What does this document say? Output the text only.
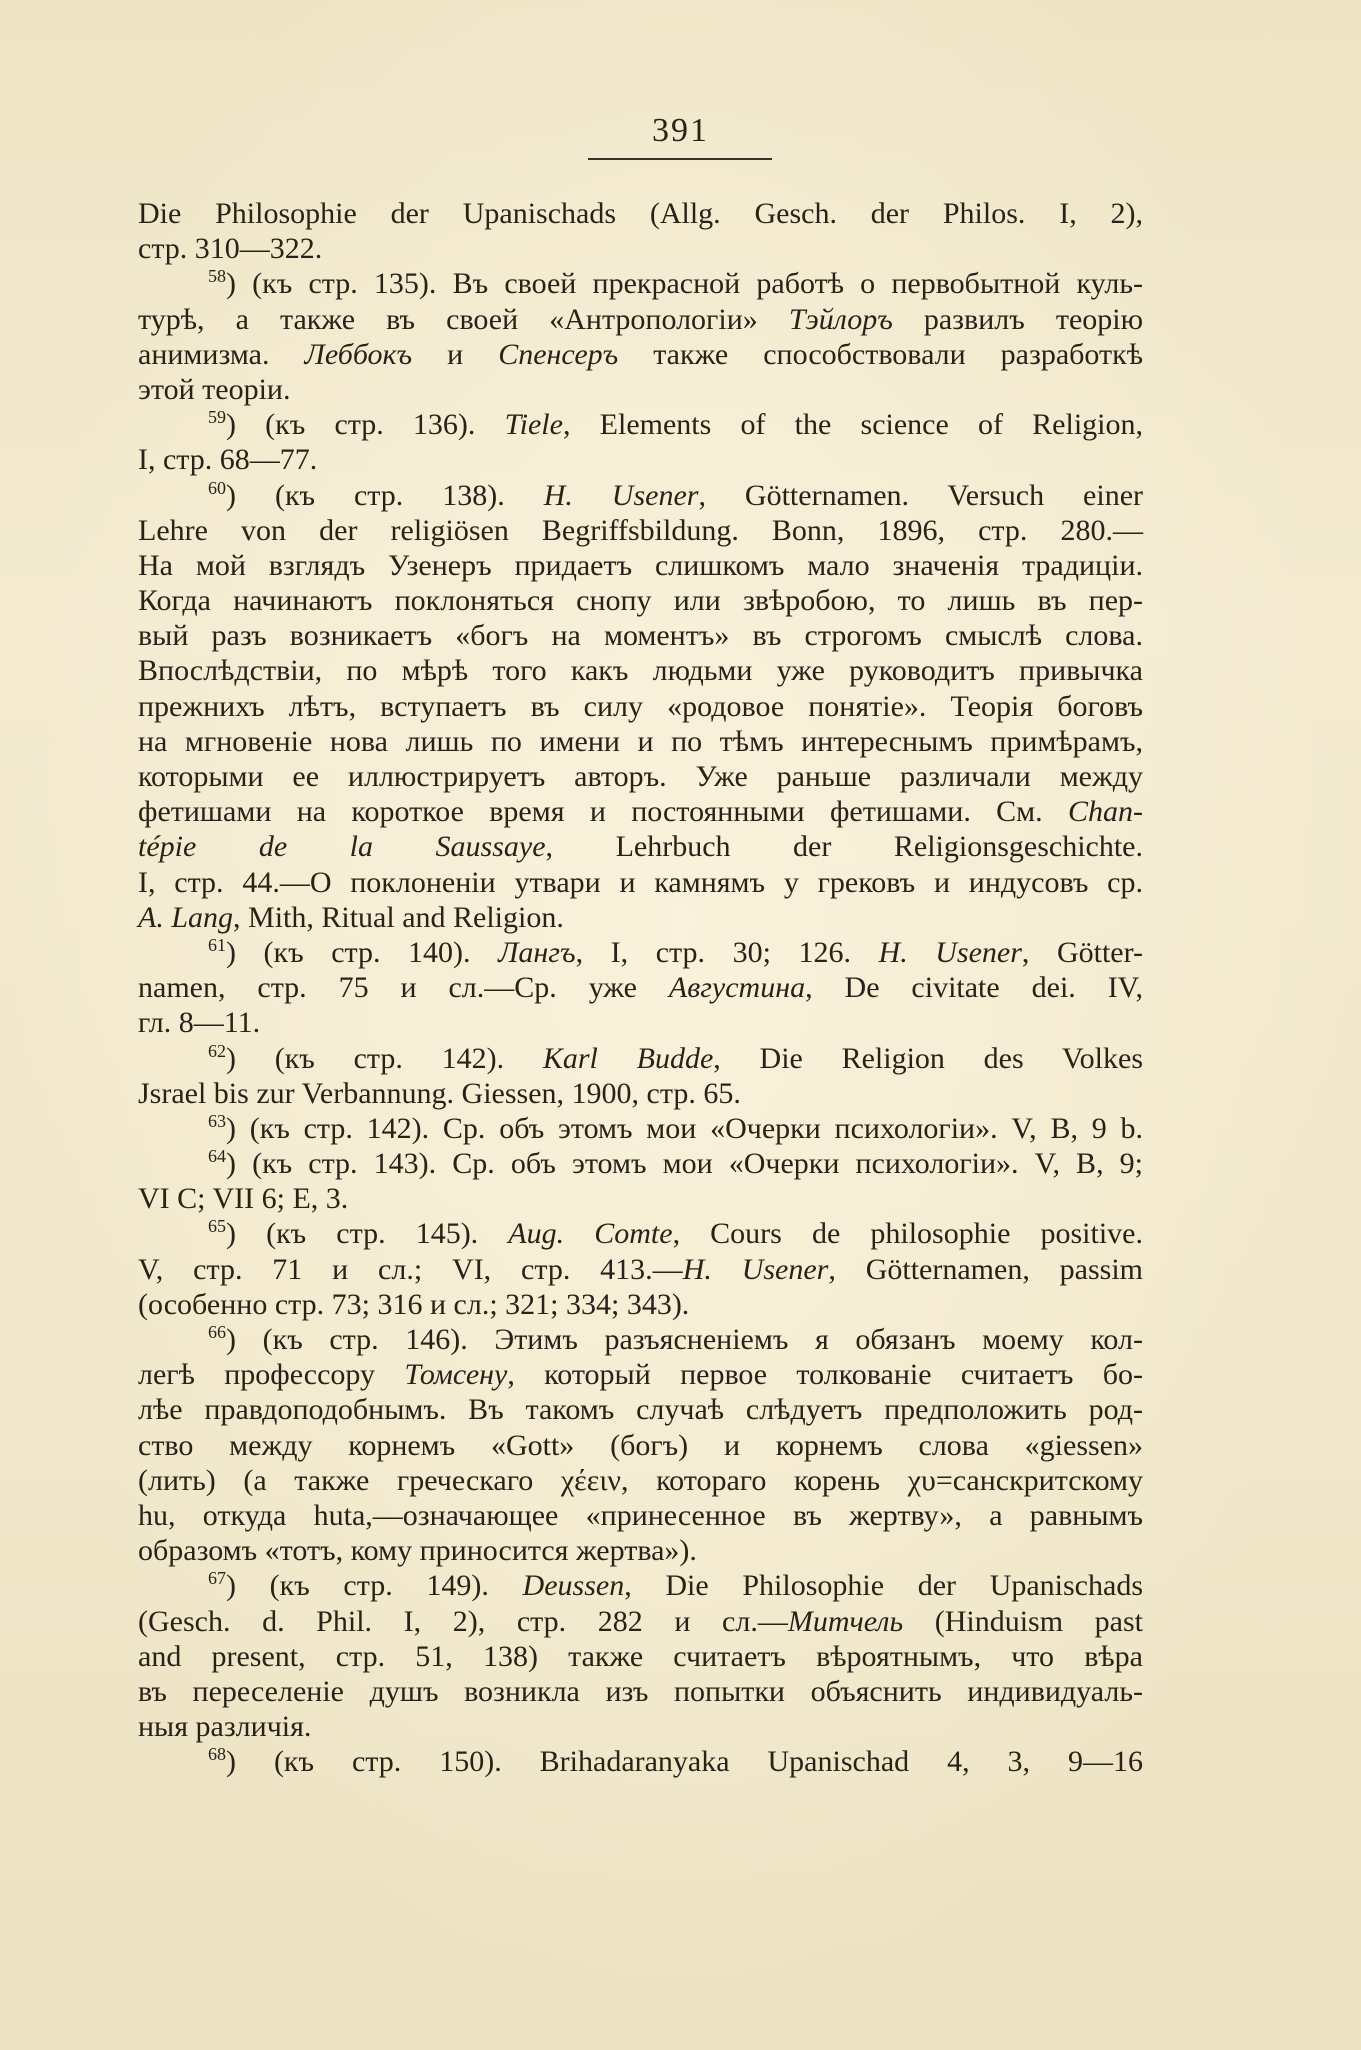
391
Die Philosophie der Upanischads (Allg. Gesch. der Philos. I, 2),
стр. 310—322.
$^{58}$) (къ стр. 135). Въ своей прекрасной работѣ о первобытной куль-
турѣ, а также въ своей «Антропологіи» Тэйлоръ развилъ теорію
анимизма. Леббокъ и Спенсеръ также способствовали разработкѣ
этой теоріи.
$^{59}$) (къ стр. 136). Tiele, Elements of the science of Religion,
I, стр. 68—77.
$^{60}$) (къ стр. 138). H. Usener, Götternamen. Versuch einer
Lehre von der religiösen Begriffsbildung. Bonn, 1896, стр. 280.—
На мой взглядъ Узенеръ придаетъ слишкомъ мало значенія традиціи.
Когда начинаютъ поклоняться снопу или звѣробою, то лишь въ пер-
вый разъ возникаетъ «богъ на моментъ» въ строгомъ смыслѣ слова.
Впослѣдствіи, по мѣрѣ того какъ людьми уже руководитъ привычка
прежнихъ лѣтъ, вступаетъ въ силу «родовое понятіе». Теорія боговъ
на мгновеніе нова лишь по имени и по тѣмъ интереснымъ примѣрамъ,
которыми ее иллюстрируетъ авторъ. Уже раньше различали между
фетишами на короткое время и постоянными фетишами. См. Chan-
tépie de la Saussaye, Lehrbuch der Religionsgeschichte.
I, стр. 44.—О поклоненіи утвари и камнямъ у грековъ и индусовъ ср.
A. Lang, Mith, Ritual and Religion.
$^{61}$) (къ стр. 140). Лангъ, I, стр. 30; 126. H. Usener, Götter-
namen, стр. 75 и сл.—Ср. уже Августина, De civitate dei. IV,
гл. 8—11.
$^{62}$) (къ стр. 142). Karl Budde, Die Religion des Volkes
Jsrael bis zur Verbannung. Giessen, 1900, стр. 65.
$^{63}$) (къ стр. 142). Ср. объ этомъ мои «Очерки психологіи». V, B, 9 b.
$^{64}$) (къ стр. 143). Ср. объ этомъ мои «Очерки психологіи». V, B, 9;
VI C; VII 6; E, 3.
$^{65}$) (къ стр. 145). Aug. Comte, Cours de philosophie positive.
V, стр. 71 и сл.; VI, стр. 413.—H. Usener, Götternamen, passim
(особенно стр. 73; 316 и сл.; 321; 334; 343).
$^{66}$) (къ стр. 146). Этимъ разъясненіемъ я обязанъ моему кол-
легѣ профессору Томсену, который первое толкованіе считаетъ бо-
лѣе правдоподобнымъ. Въ такомъ случаѣ слѣдуетъ предположить род-
ство между корнемъ «Gott» (богъ) и корнемъ слова «giessen»
(лить) (а также греческаго χέειν, котораго корень χυ=санскритскому
hu, откуда huta,—означающее «принесенное въ жертву», а равнымъ
образомъ «тотъ, кому приносится жертва»).
$^{67}$) (къ стр. 149). Deussen, Die Philosophie der Upanischads
(Gesch. d. Phil. I, 2), стр. 282 и сл.—Митчель (Hinduism past
and present, стр. 51, 138) также считаетъ вѣроятнымъ, что вѣра
въ переселеніе душъ возникла изъ попытки объяснить индивидуаль-
ныя различія.
$^{68}$) (къ стр. 150). Brihadaranyaka Upanischad 4, 3, 9—16
